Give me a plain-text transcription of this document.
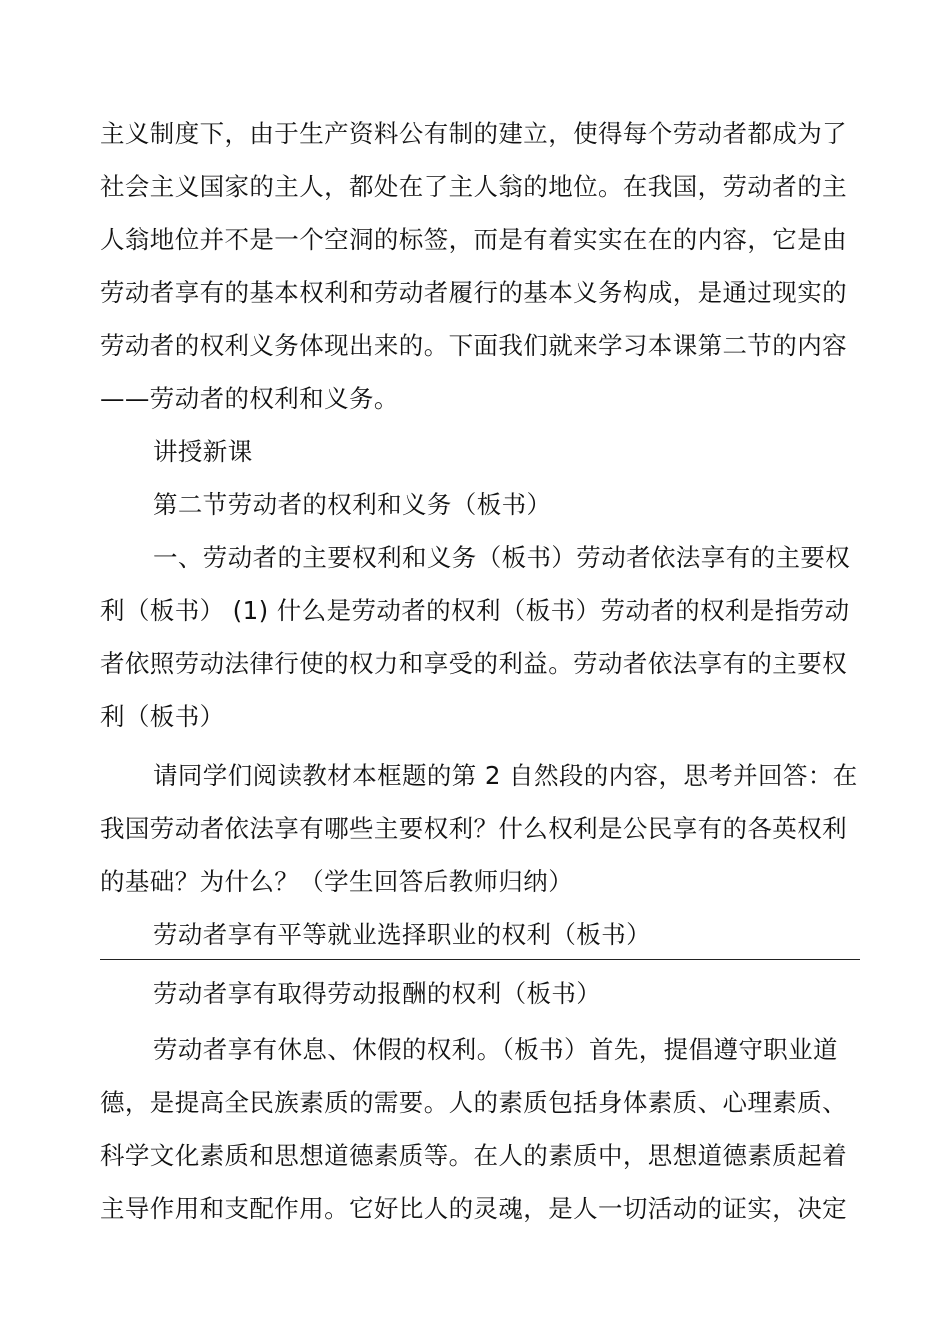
主义制度下，由于生产资料公有制的建立，使得每个劳动者都成为了
社会主义国家的主人，都处在了主人翁的地位。在我国，劳动者的主
人翁地位并不是一个空洞的标签，而是有着实实在在的内容，它是由
劳动者享有的基本权利和劳动者履行的基本义务构成，是通过现实的
劳动者的权利义务体现出来的。下面我们就来学习本课第二节的内容
——劳动者的权利和义务。
讲授新课
第二节劳动者的权利和义务（板书）
一、劳动者的主要权利和义务（板书）劳动者依法享有的主要权
利（板书） (1) 什么是劳动者的权利（板书）劳动者的权利是指劳动
者依照劳动法律行使的权力和享受的利益。劳动者依法享有的主要权
利（板书）
请同学们阅读教材本框题的第 2 自然段的内容，思考并回答：在
我国劳动者依法享有哪些主要权利？什么权利是公民享有的各英权利
的基础？为什么？（学生回答后教师归纳）
劳动者享有平等就业选择职业的权利（板书）
劳动者享有取得劳动报酬的权利（板书）
劳动者享有休息、休假的权利。（板书）首先，提倡遵守职业道
德，是提高全民族素质的需要。人的素质包括身体素质、心理素质、
科学文化素质和思想道德素质等。在人的素质中，思想道德素质起着
主导作用和支配作用。它好比人的灵魂，是人一切活动的证实，决定
